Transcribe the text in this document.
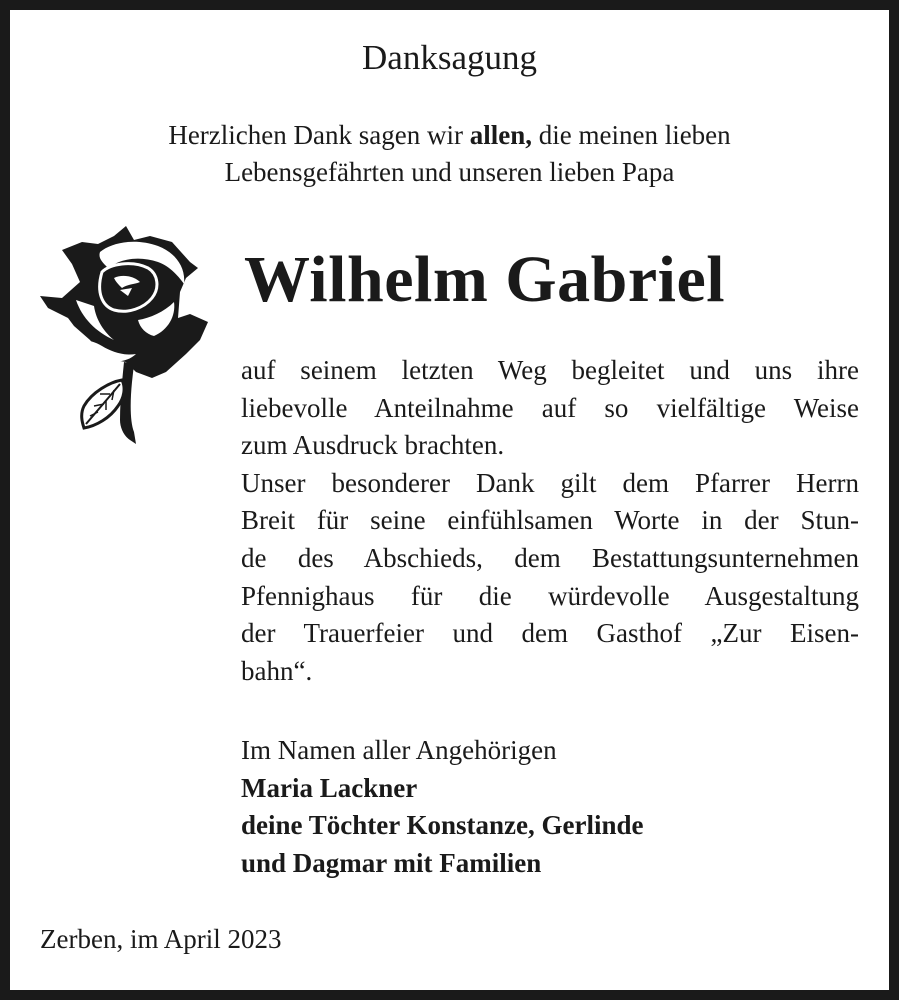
Danksagung
Herzlichen Dank sagen wir allen, die meinen lieben
Lebensgefährten und unseren lieben Papa
Wilhelm Gabriel

auf seinem letzten Weg begleitet und uns ihre

liebevolle Anteilnahme auf so vielfältige Weise

zum Ausdruck brachten.

Unser besonderer Dank gilt dem Pfarrer Herrn

Breit für seine einfühlsamen Worte in der Stun-

de des Abschieds, dem Bestattungsunternehmen

Pfennighaus für die würdevolle Ausgestaltung

der Trauerfeier und dem Gasthof „Zur Eisen-

bahn“.

Im Namen aller Angehörigen
Maria Lackner
deine Töchter Konstanze, Gerlinde
und Dagmar mit Familien
Zerben, im April 2023
